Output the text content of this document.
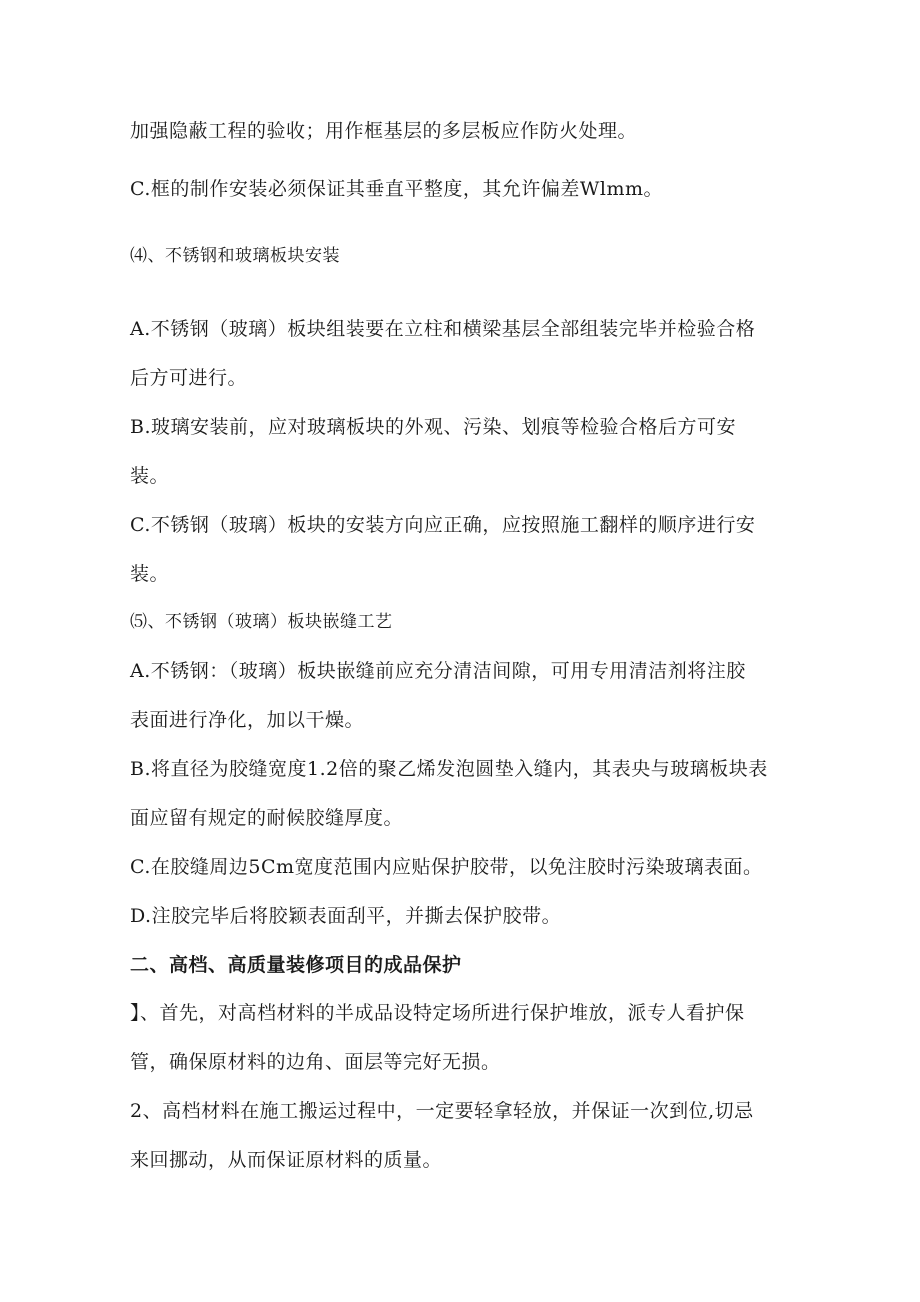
加强隐蔽工程的验收；用作框基层的多层板应作防火处理。
C.框的制作安装必须保证其垂直平整度，其允许偏差Wlmm。
⑷、不锈钢和玻璃板块安装
A.不锈钢（玻璃）板块组装要在立柱和横梁基层全部组装完毕并检验合格
后方可进行。
B.玻璃安装前，应对玻璃板块的外观、污染、划痕等检验合格后方可安
装。
C.不锈钢（玻璃）板块的安装方向应正确，应按照施工翻样的顺序进行安
装。
⑸、不锈钢（玻璃）板块嵌缝工艺
A.不锈钢：（玻璃）板块嵌缝前应充分清洁间隙，可用专用清洁剂将注胶
表面进行净化，加以干燥。
B.将直径为胶缝宽度1.2倍的聚乙烯发泡圆垫入缝内，其表央与玻璃板块表
面应留有规定的耐候胶缝厚度。
C.在胶缝周边5Cm宽度范围内应贴保护胶带，以免注胶时污染玻璃表面。
D.注胶完毕后将胶颖表面刮平，并撕去保护胶带。
二、高档、高质量装修项目的成品保护
】、首先，对高档材料的半成品设特定场所进行保护堆放，派专人看护保
管，确保原材料的边角、面层等完好无损。
2、高档材料在施工搬运过程中，一定要轻拿轻放，并保证一次到位,切忌
来回挪动，从而保证原材料的质量。
